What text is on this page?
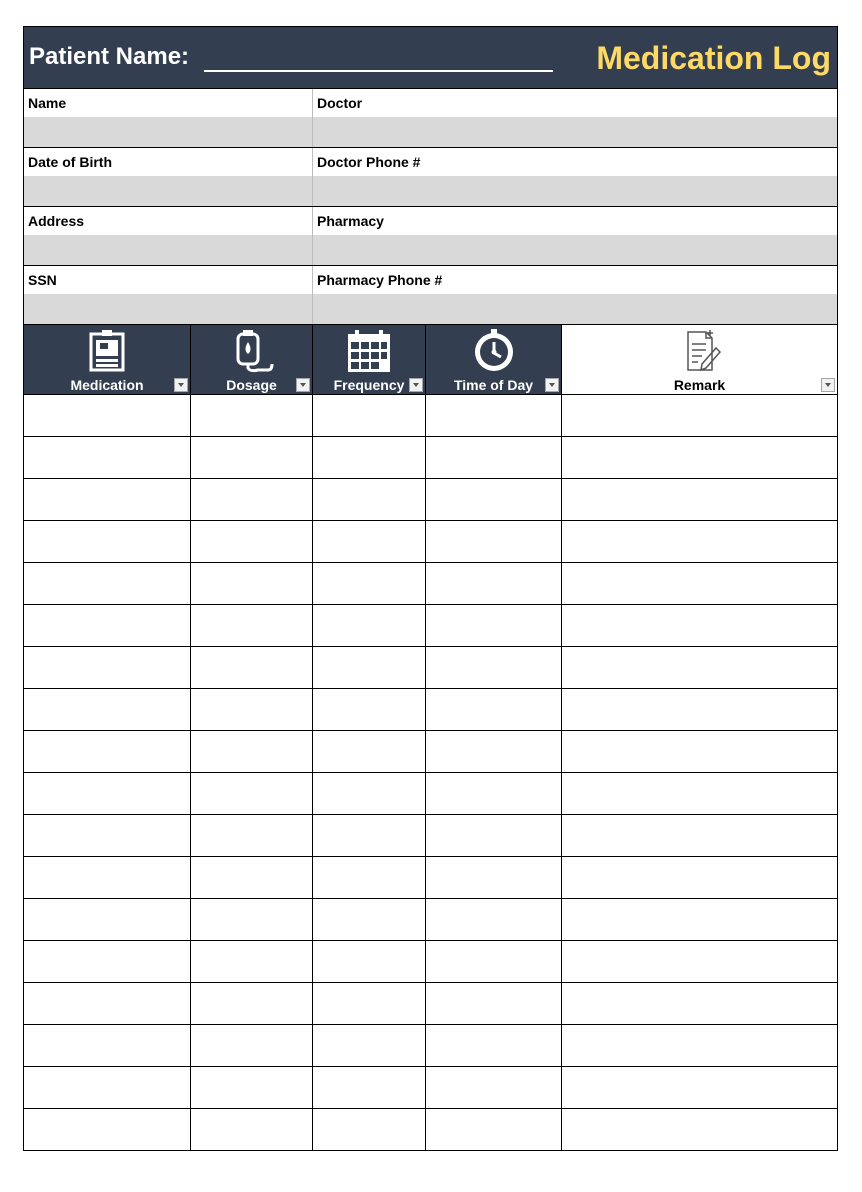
Patient Name:	Medication Log
Name	Doctor
Date of Birth	Doctor Phone #
Address	Pharmacy
SSN	Pharmacy Phone #
Medication	Dosage	Frequency	Time of Day	Remark
